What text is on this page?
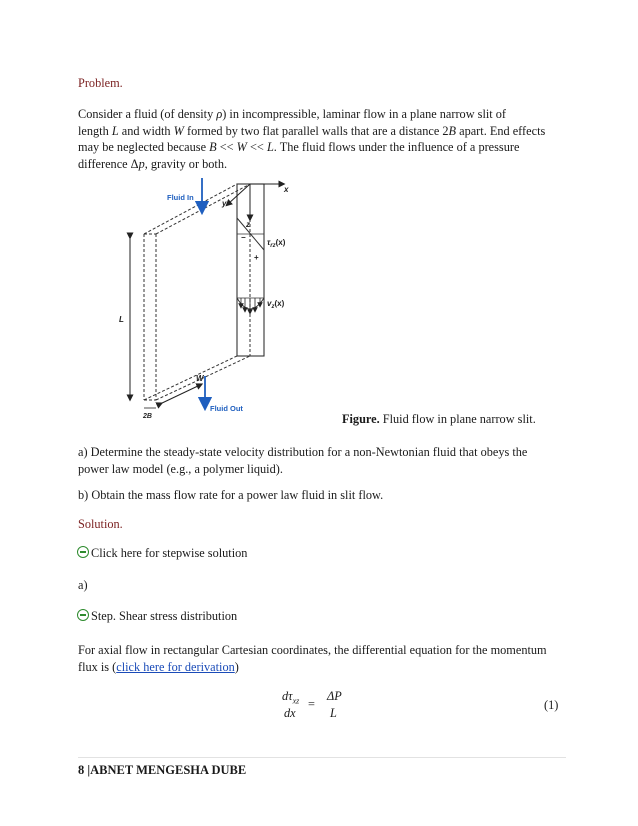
Problem.
Consider a fluid (of density ρ) in incompressible, laminar flow in a plane narrow slit of
length L and width W formed by two flat parallel walls that are a distance 2B apart. End effects
may be neglected because B << W << L. The fluid flows under the influence of a pressure
difference Δp, gravity or both.
Fluid In
Fluid Out
x
y
z
L
W
2B
−
+
$\tau_{rz}(x)$
$v_z(x)$
Figure. Fluid flow in plane narrow slit.
a) Determine the steady-state velocity distribution for a non-Newtonian fluid that obeys the
power law model (e.g., a polymer liquid).
b) Obtain the mass flow rate for a power law fluid in slit flow.
Solution.
Click here for stepwise solution
a)
Step. Shear stress distribution
For axial flow in rectangular Cartesian coordinates, the differential equation for the momentum
flux is (click here for derivation)
$d\tau_{xz}$
dx
=
ΔP
L
(1)
8 |ABNET MENGESHA DUBE
